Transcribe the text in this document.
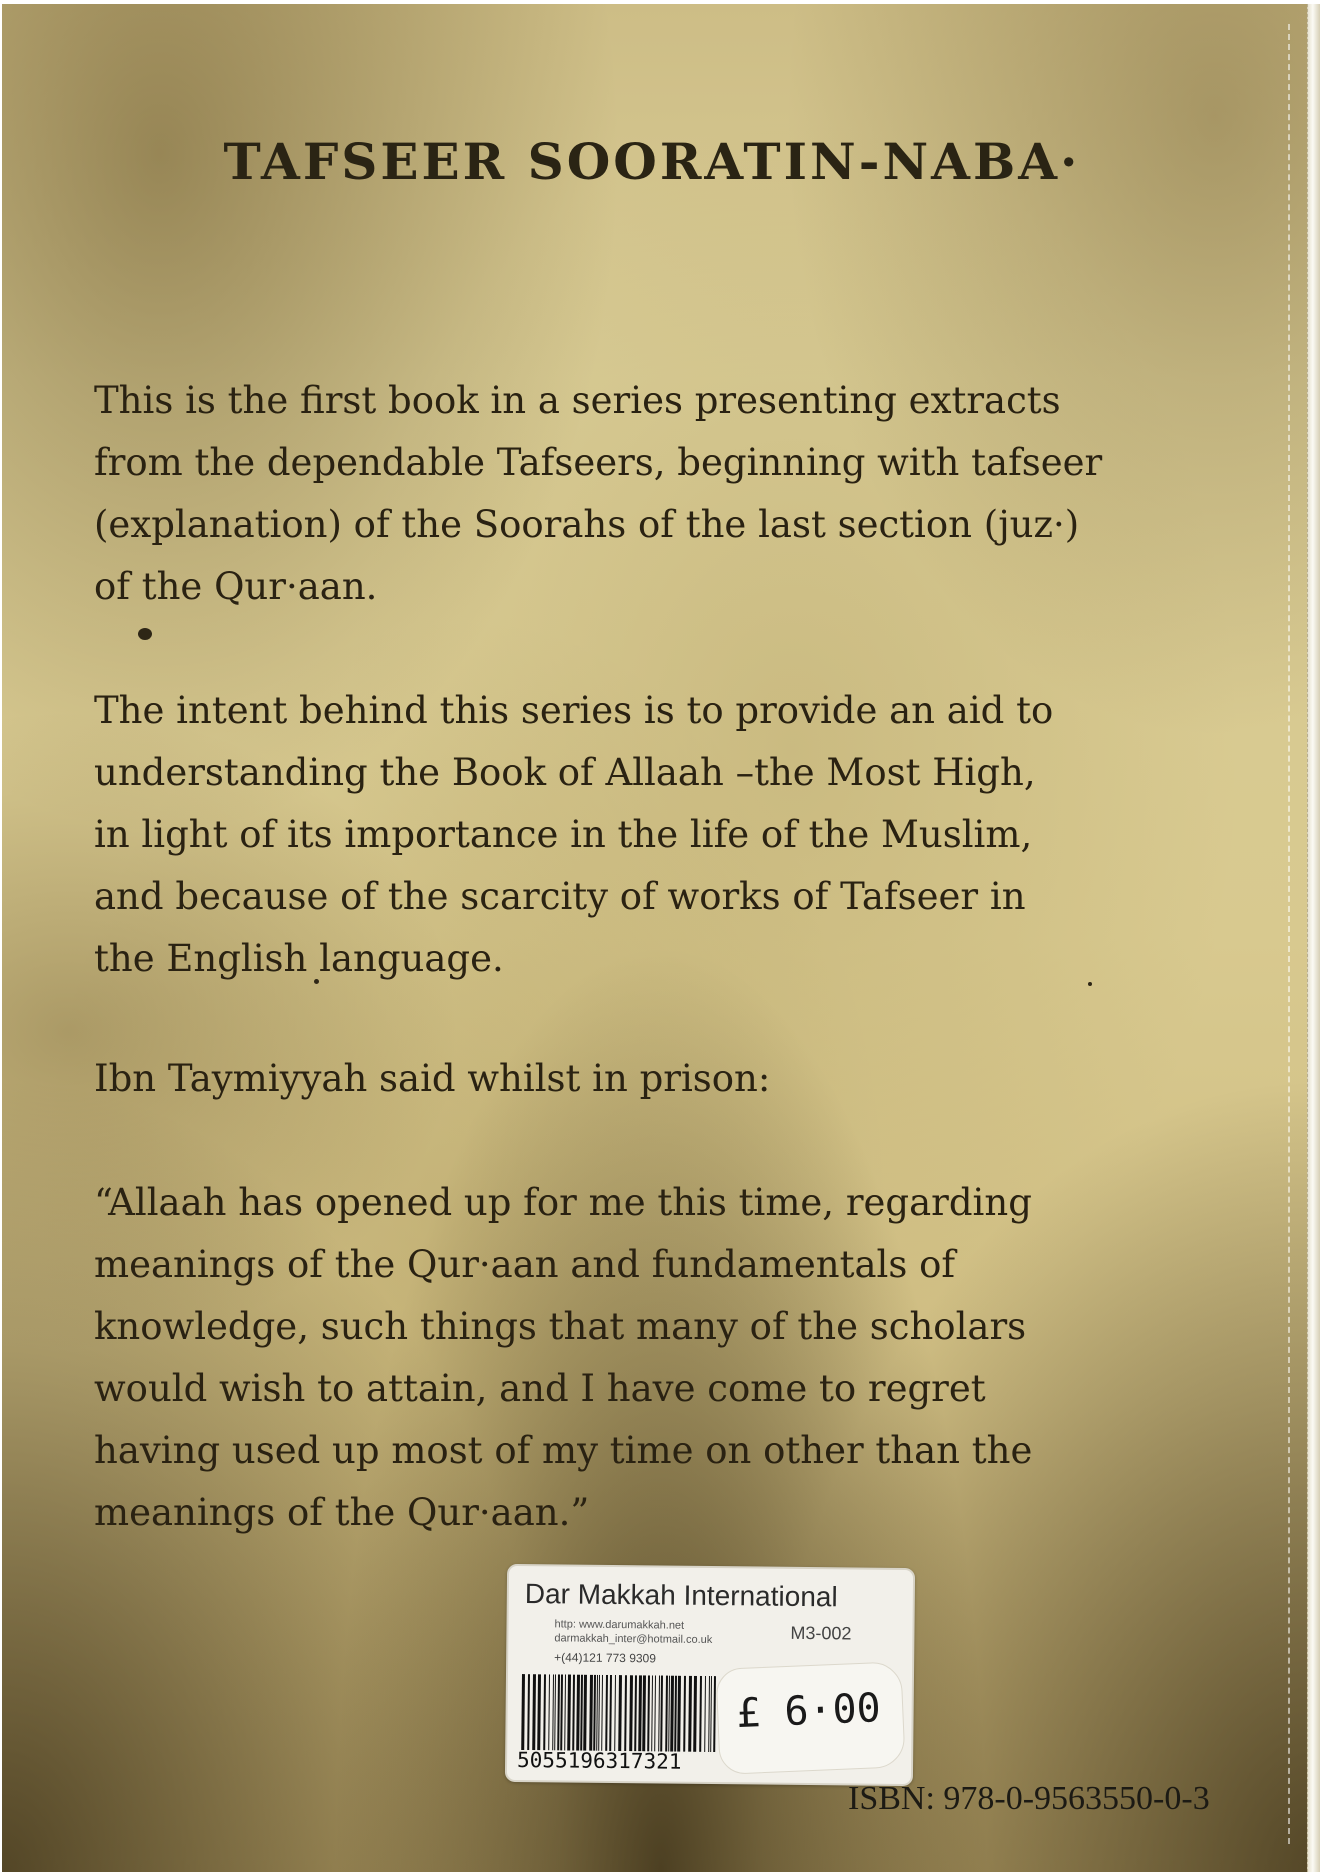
TAFSEER SOORATIN-NABA·

This is the first book in a series presenting extracts
from the dependable Tafseers, beginning with tafseer
(explanation) of the Soorahs of the last section (juz·)
of the Qur·aan.

The intent behind this series is to provide an aid to
understanding the Book of Allaah –the Most High,
in light of its importance in the life of the Muslim,
and because of the scarcity of works of Tafseer in
the English language.

Ibn Taymiyyah said whilst in prison:

“Allaah has opened up for me this time, regarding
meanings of the Qur·aan and fundamentals of
knowledge, such things that many of the scholars
would wish to attain, and I have come to regret
having used up most of my time on other than the
meanings of the Qur·aan.”

Dar Makkah International
http: www.darumakkah.net
darmakkah_inter@hotmail.co.uk
+(44)121 773 9309
M3-002
5055196317321
£ 6·00
ISBN: 978-0-9563550-0-3
